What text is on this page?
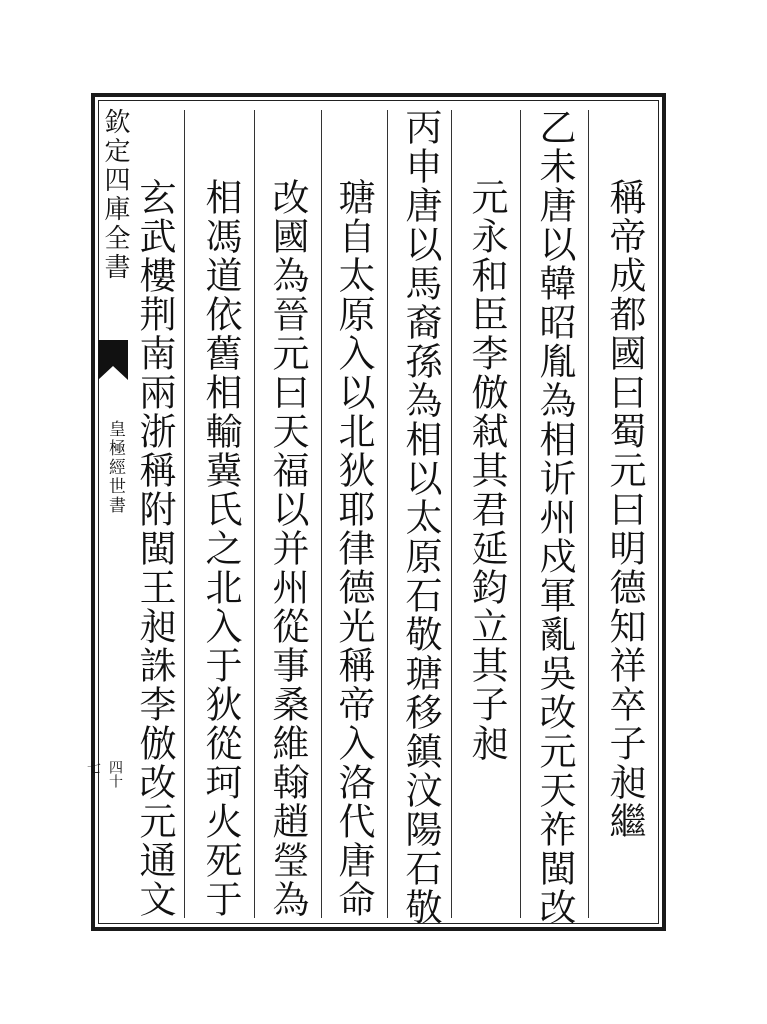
欽定四庫全書
皇極經世書
四十七	稱帝成都國曰蜀元曰明德知祥卒子昶繼
乙未唐以韓昭胤為相䜣州戍軍亂吳改元天祚閩改
元永和臣李倣弒其君延鈞立其子昶
丙申唐以馬裔孫為相以太原石敬瑭移鎮汶陽石敬
瑭自太原入以北狄耶律德光稱帝入洛代唐命
改國為晉元曰天福以并州從事桑維翰趙瑩為
相馮道依舊相輸冀氏之北入于狄從珂火死于
玄武樓荆南兩浙稱附閩王昶誅李倣改元通文
